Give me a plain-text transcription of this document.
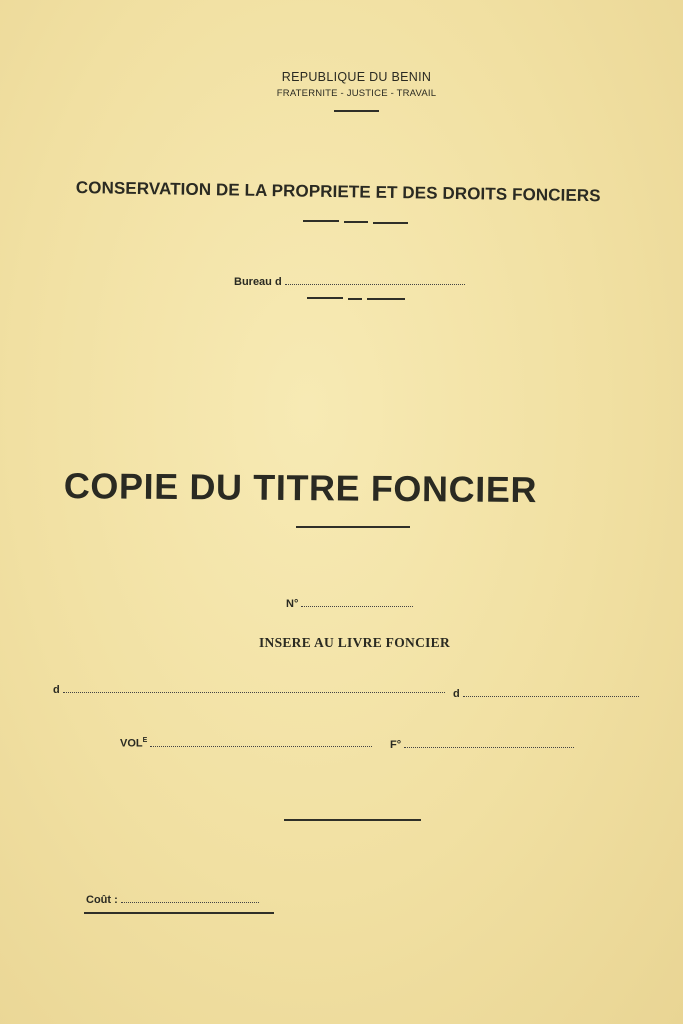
REPUBLIQUE DU BENIN
FRATERNITE - JUSTICE - TRAVAIL
CONSERVATION DE LA PROPRIETE ET DES DROITS FONCIERS
Bureau d
COPIE DU TITRE FONCIER
N°
INSERE AU LIVRE FONCIER
d	d
$VOL^E$	F°
Coût :
